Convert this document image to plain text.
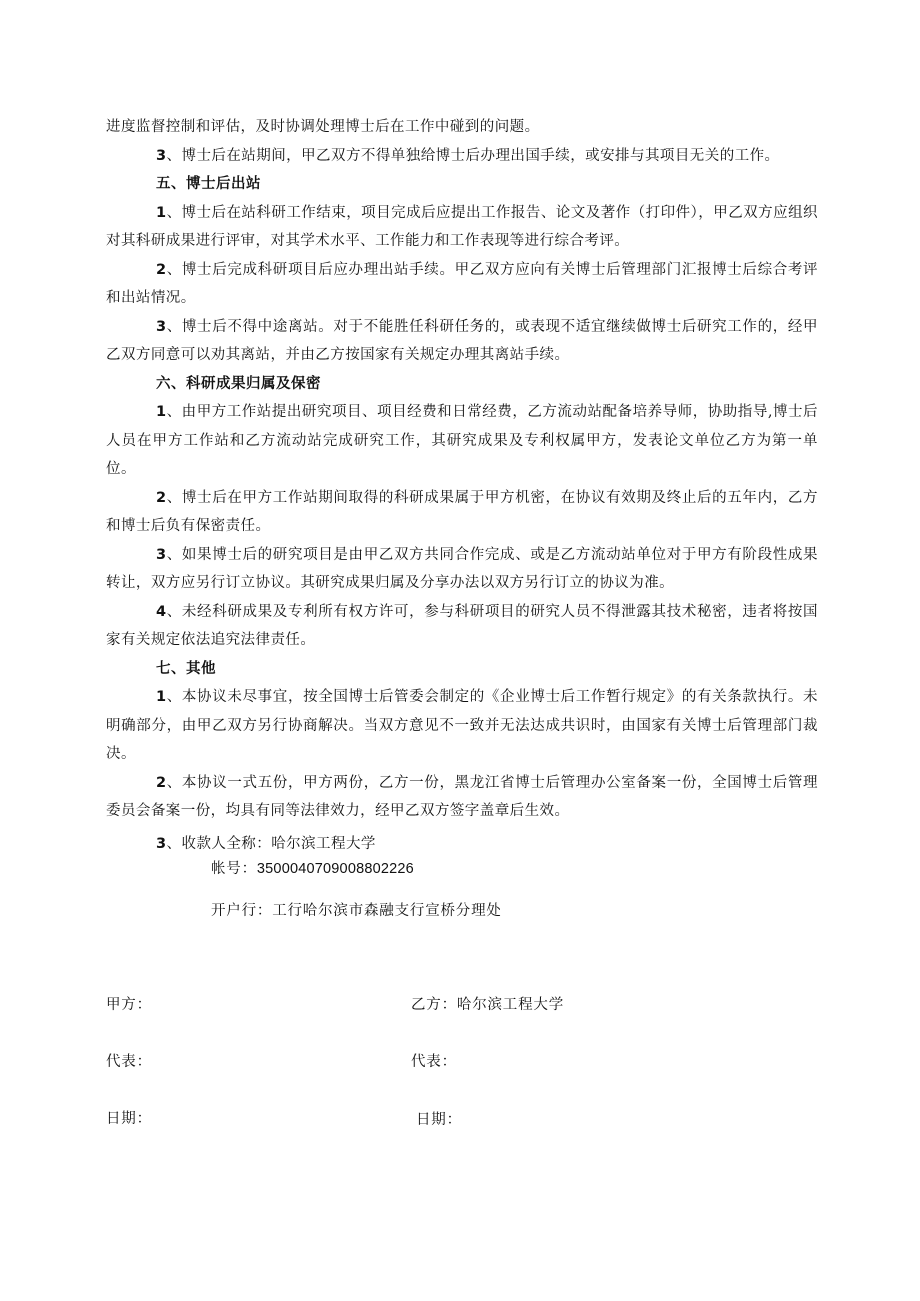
进度监督控制和评估，及时协调处理博士后在工作中碰到的问题。

3、博士后在站期间，甲乙双方不得单独给博士后办理出国手续，或安排与其项目无关的工作。

五、博士后出站

1、博士后在站科研工作结束，项目完成后应提出工作报告、论文及著作（打印件），甲乙双方应组织对其科研成果进行评审，对其学术水平、工作能力和工作表现等进行综合考评。

2、博士后完成科研项目后应办理出站手续。甲乙双方应向有关博士后管理部门汇报博士后综合考评和出站情况。

3、博士后不得中途离站。对于不能胜任科研任务的，或表现不适宜继续做博士后研究工作的，经甲乙双方同意可以劝其离站，并由乙方按国家有关规定办理其离站手续。

六、科研成果归属及保密

1、由甲方工作站提出研究项目、项目经费和日常经费，乙方流动站配备培养导师，协助指导,博士后人员在甲方工作站和乙方流动站完成研究工作，其研究成果及专利权属甲方，发表论文单位乙方为第一单位。

2、博士后在甲方工作站期间取得的科研成果属于甲方机密，在协议有效期及终止后的五年内，乙方和博士后负有保密责任。

3、如果博士后的研究项目是由甲乙双方共同合作完成、或是乙方流动站单位对于甲方有阶段性成果转让，双方应另行订立协议。其研究成果归属及分享办法以双方另行订立的协议为准。

4、未经科研成果及专利所有权方许可，参与科研项目的研究人员不得泄露其技术秘密，违者将按国家有关规定依法追究法律责任。

七、其他

1、本协议未尽事宜，按全国博士后管委会制定的《企业博士后工作暂行规定》的有关条款执行。未明确部分，由甲乙双方另行协商解决。当双方意见不一致并无法达成共识时，由国家有关博士后管理部门裁决。

2、本协议一式五份，甲方两份，乙方一份，黑龙江省博士后管理办公室备案一份，全国博士后管理委员会备案一份，均具有同等法律效力，经甲乙双方签字盖章后生效。

3、收款人全称：哈尔滨工程大学

帐号：3500040709008802226
开户行：工行哈尔滨市森融支行宣桥分理处
甲方：	乙方：哈尔滨工程大学
代表：	代表：
日期：	日期：
